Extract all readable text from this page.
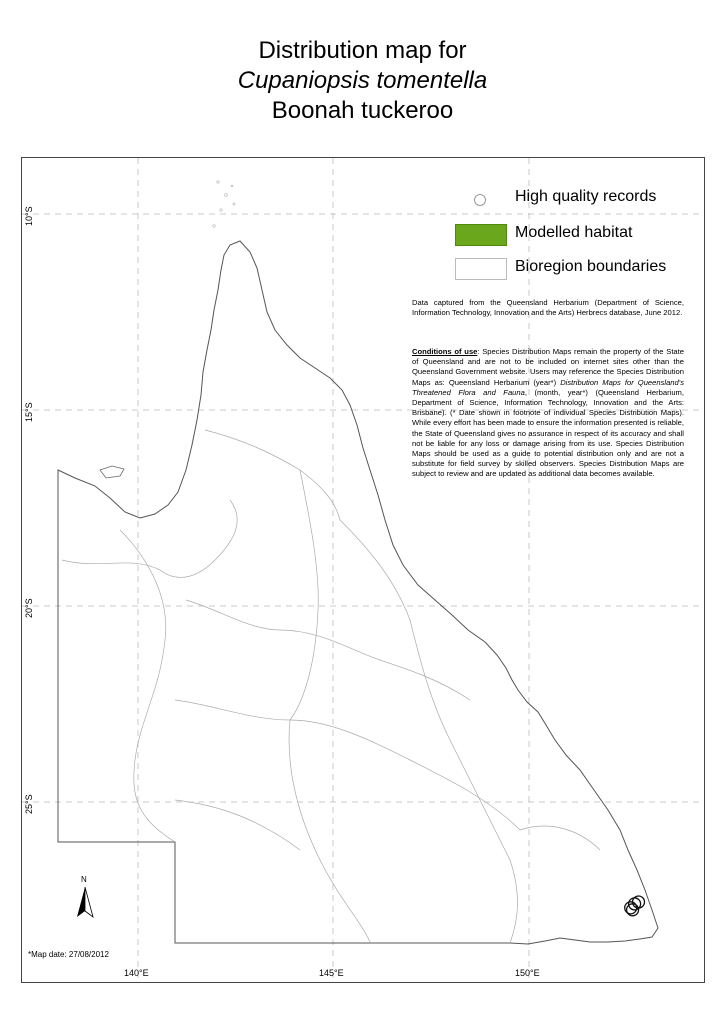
Distribution map for
Cupaniopsis tomentella
Boonah tuckeroo
10°S
15°S
20°S
25°S
140°E	145°E	150°E
High quality records
Modelled habitat
Bioregion boundaries
Data captured from the Queensland Herbarium (Department of Science, Information Technology, Innovation and the Arts) Herbrecs database, June 2012.
Conditions of use: Species Distribution Maps remain the property of the State of Queensland and are not to be included on internet sites other than the Queensland Government website. Users may reference the Species Distribution Maps as: Queensland Herbarium (year*) Distribution Maps for Queensland's Threatened Flora and Fauna, (month, year*) (Queensland Herbarium, Department of Science, Information Technology, Innovation and the Arts: Brisbane). (* Date shown in footnote of individual Species Distribution Maps). While every effort has been made to ensure the information presented is reliable, the State of Queensland gives no assurance in respect of its accuracy and shall not be liable for any loss or damage arising from its use. Species Distribution Maps should be used as a guide to potential distribution only and are not a substitute for field survey by skilled observers. Species Distribution Maps are subject to review and are updated as additional data becomes available.
N
*Map date: 27/08/2012
